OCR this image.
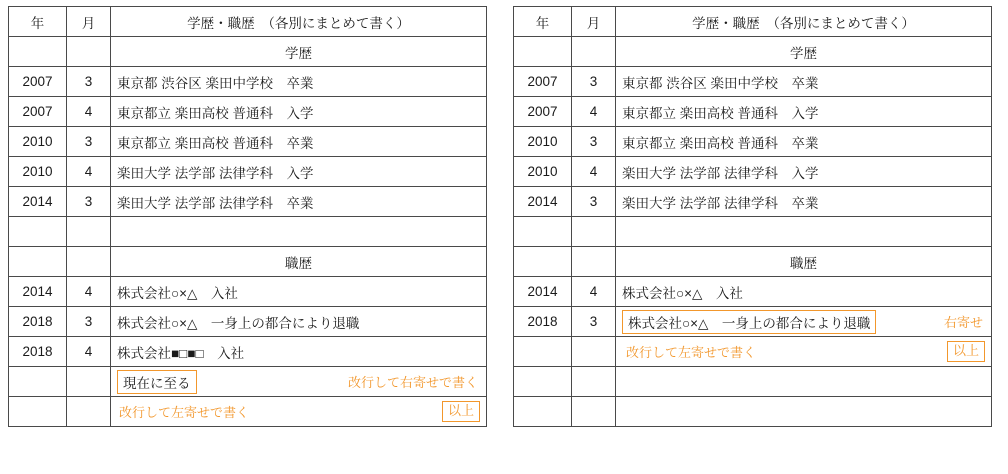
年	月	学歴・職歴　（各別にまとめて書く）
		学歴
2007	3	東京都 渋谷区 楽田中学校　卒業
2007	4	東京都立 楽田高校 普通科　入学
2010	3	東京都立 楽田高校 普通科　卒業
2010	4	楽田大学 法学部 法律学科　入学
2014	3	楽田大学 法学部 法律学科　卒業

		職歴
2014	4	株式会社○×△　入社
2018	3	株式会社○×△　一身上の都合により退職
2018	4	株式会社■□■□　入社

		現在に至る 改行して右寄せで書く

		改行して左寄せで書く 以上
年	月	学歴・職歴　（各別にまとめて書く）
		学歴
2007	3	東京都 渋谷区 楽田中学校　卒業
2007	4	東京都立 楽田高校 普通科　入学
2010	3	東京都立 楽田高校 普通科　卒業
2010	4	楽田大学 法学部 法律学科　入学
2014	3	楽田大学 法学部 法律学科　卒業

		職歴
2014	4	株式会社○×△　入社
2018	3	株式会社○×△　一身上の都合により退職 右寄せ

		改行して左寄せで書く 以上
